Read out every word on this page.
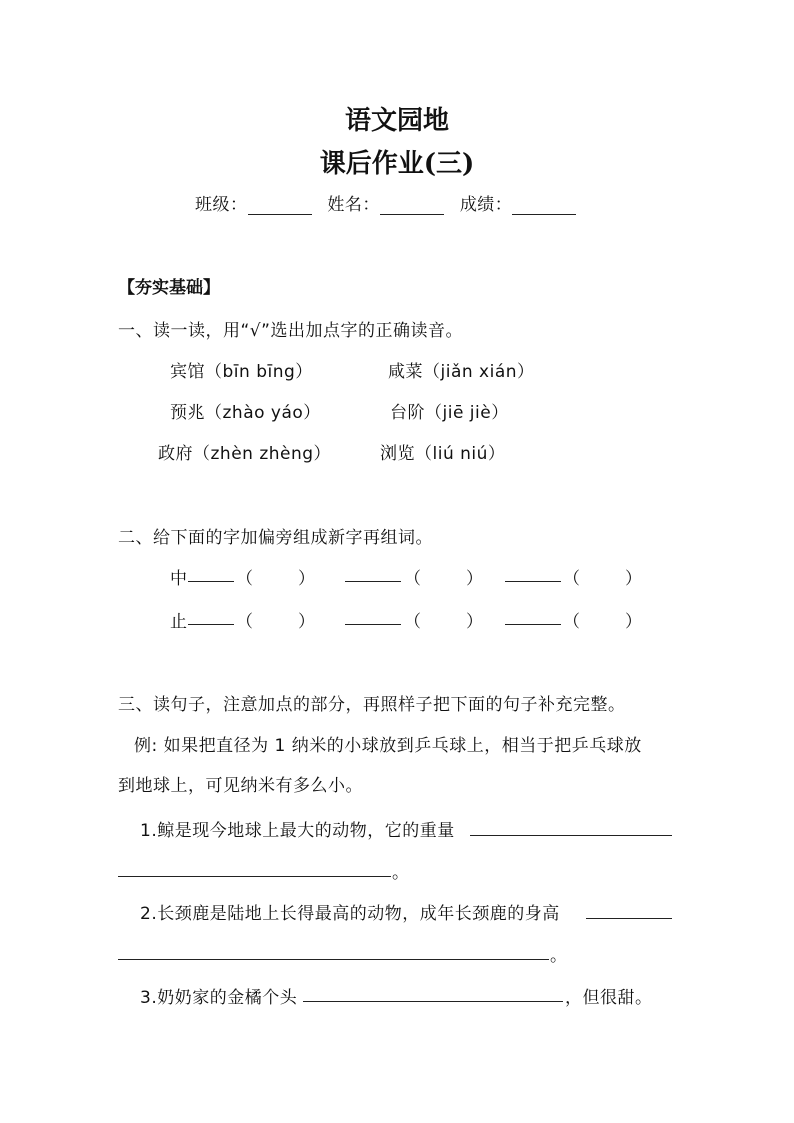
语文园地
课后作业(三)
班级：	姓名：	成绩：
【夯实基础】
一、读一读，用“√”选出加点字的正确读音。
宾馆（bīn bīng）	咸菜（jiǎn xián）
预兆（zhào yáo）	台阶（jiē jiè）
政府（zhèn zhèng）	浏览（liú niú）
二、给下面的字加偏旁组成新字再组词。
中	（	）	（	）	（	）
止	（	）	（	）	（	）
三、读句子，注意加点的部分，再照样子把下面的句子补充完整。
例: 如果把直径为 1 纳米的小球放到乒乓球上，相当于把乒乓球放
到地球上，可见纳米有多么小。
1.鲸是现今地球上最大的动物，它的重量
。
2.长颈鹿是陆地上长得最高的动物，成年长颈鹿的身高
。
3.奶奶家的金橘个头	，但很甜。
